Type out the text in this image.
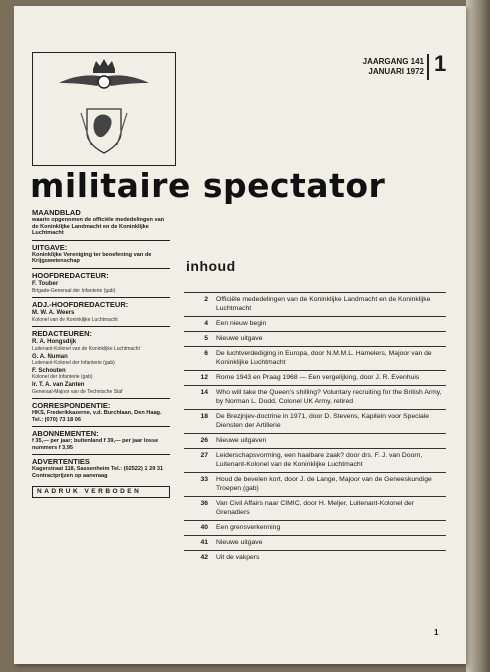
JAARGANG 141
JANUARI 1972 1
militaire spectator
MAANDBLAD
waarin opgenomen de officiële mededelingen van de Koninklijke Landmacht en de Koninklijke Luchtmacht
UITGAVE:
Koninklijke Vereniging ter beoefening van de Krijgswetenschap
HOOFDREDACTEUR:
F. Touber
Brigade-Generaal der Infanterie (gab)
ADJ.-HOOFDREDACTEUR:
M. W. A. Weers
Kolonel van de Koninklijke Luchtmacht
REDACTEUREN:
R. A. Hongsdijk
Luitenant-Kolonel van de Koninklijke Luchtmacht
G. A. Numan
Luitenant-Kolonel der Infanterie (gab)
F. Schouten
Kolonel der Infanterie (gab)
Ir. T. A. van Zanten
Generaal-Majoor van de Technische Staf
CORRESPONDENTIE:
HKS, Frederikkazerne, v.d. Burchlaan, Den Haag. Tel.: (070) 73 18 06
ABONNEMENTEN:
f 35,— per jaar; buitenland f 39,— per jaar losse nummers f 3,95
ADVERTENTIES
Kagerstraat 118, Sassenheim Tel.: (02522) 1 29 31 Contractprijzen op aanvraag
NADRUK VERBODEN
inhoud
2	Officiële mededelingen van de Koninklijke Landmacht en de Koninklijke Luchtmacht
4	Een nieuw begin
5	Nieuwe uitgave
6	De luchtverdediging in Europa, door N.M.M.L. Hamelers, Majoor van de Koninklijke Luchtmacht
12	Rome 1943 en Praag 1968 — Een vergelijking, door J. R. Evenhuis
14	Who will take the Queen's shilling? Voluntary recruiting for the British Army, by Norman L. Dodd, Colonel UK Army, retired
18	De Brezjnjev-doctrine in 1971, door D. Stevens, Kapitein voor Speciale Diensten der Artillerie
26	Nieuwe uitgaven
27	Leiderschapsvorming, een haalbare zaak? door drs. F. J. van Doorn, Luitenant-Kolonel van de Koninklijke Luchtmacht
33	Houd de bevelen kort, door J. de Lange, Majoor van de Geneeskundige Troepen (gab)
36	Van Civil Affairs naar CIMIC, door H. Meljer, Luitenant-Kolonel der Grenadiers
40	Een grensverkenning
41	Nieuwe uitgave
42	Uit de vakpers
1
